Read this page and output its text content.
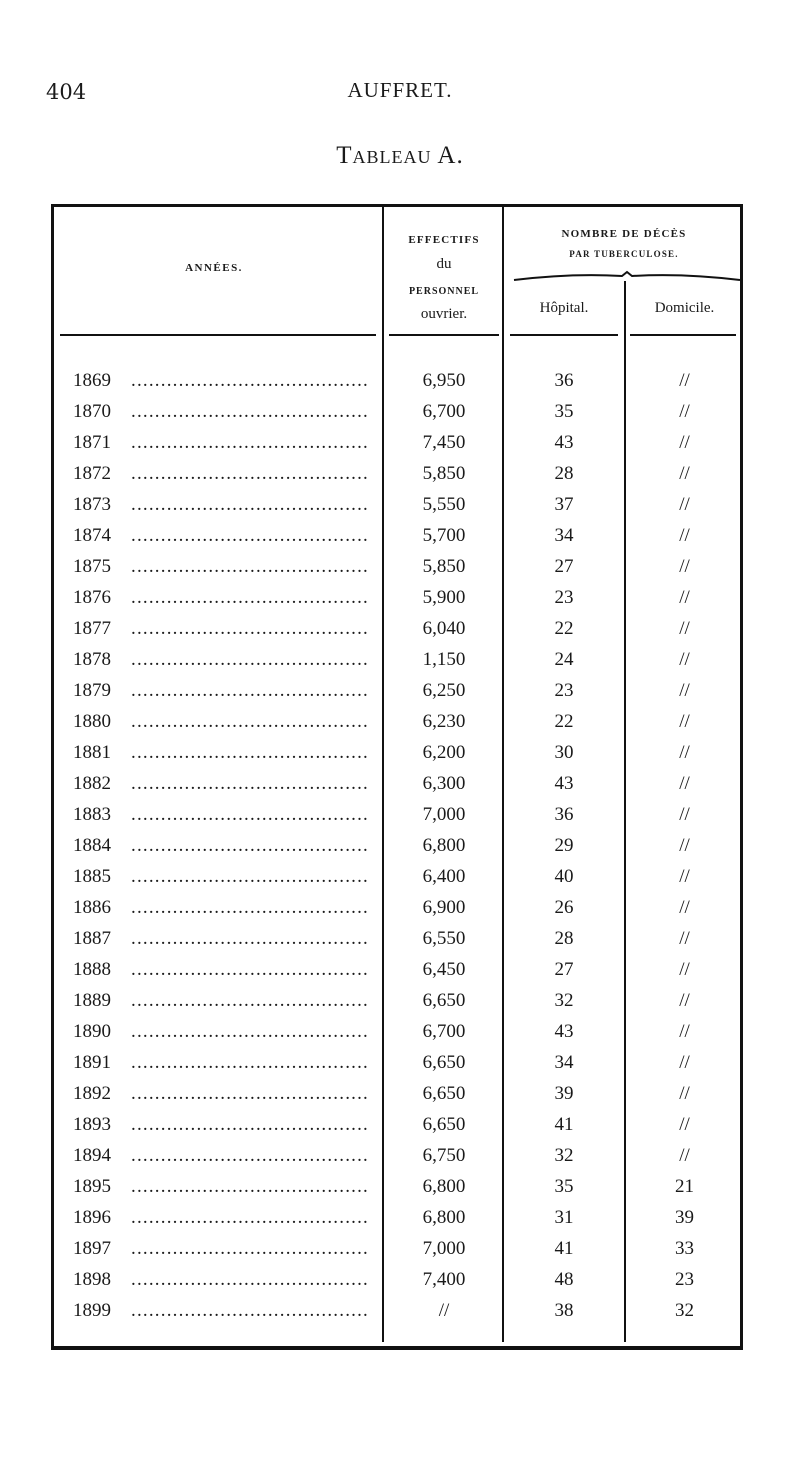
404	AUFFRET.
Tableau A.
ANNÉES.
EFFECTIFS
du
PERSONNEL
ouvrier.
NOMBRE DE DÉCÈS
PAR TUBERCULOSE.
Hôpital.	Domicile.
1869 ........................................	6,950	36	//
1870 ........................................	6,700	35	//
1871 ........................................	7,450	43	//
1872 ........................................	5,850	28	//
1873 ........................................	5,550	37	//
1874 ........................................	5,700	34	//
1875 ........................................	5,850	27	//
1876 ........................................	5,900	23	//
1877 ........................................	6,040	22	//
1878 ........................................	1,150	24	//
1879 ........................................	6,250	23	//
1880 ........................................	6,230	22	//
1881 ........................................	6,200	30	//
1882 ........................................	6,300	43	//
1883 ........................................	7,000	36	//
1884 ........................................	6,800	29	//
1885 ........................................	6,400	40	//
1886 ........................................	6,900	26	//
1887 ........................................	6,550	28	//
1888 ........................................	6,450	27	//
1889 ........................................	6,650	32	//
1890 ........................................	6,700	43	//
1891 ........................................	6,650	34	//
1892 ........................................	6,650	39	//
1893 ........................................	6,650	41	//
1894 ........................................	6,750	32	//
1895 ........................................	6,800	35	21
1896 ........................................	6,800	31	39
1897 ........................................	7,000	41	33
1898 ........................................	7,400	48	23
1899 ........................................	//	38	32
